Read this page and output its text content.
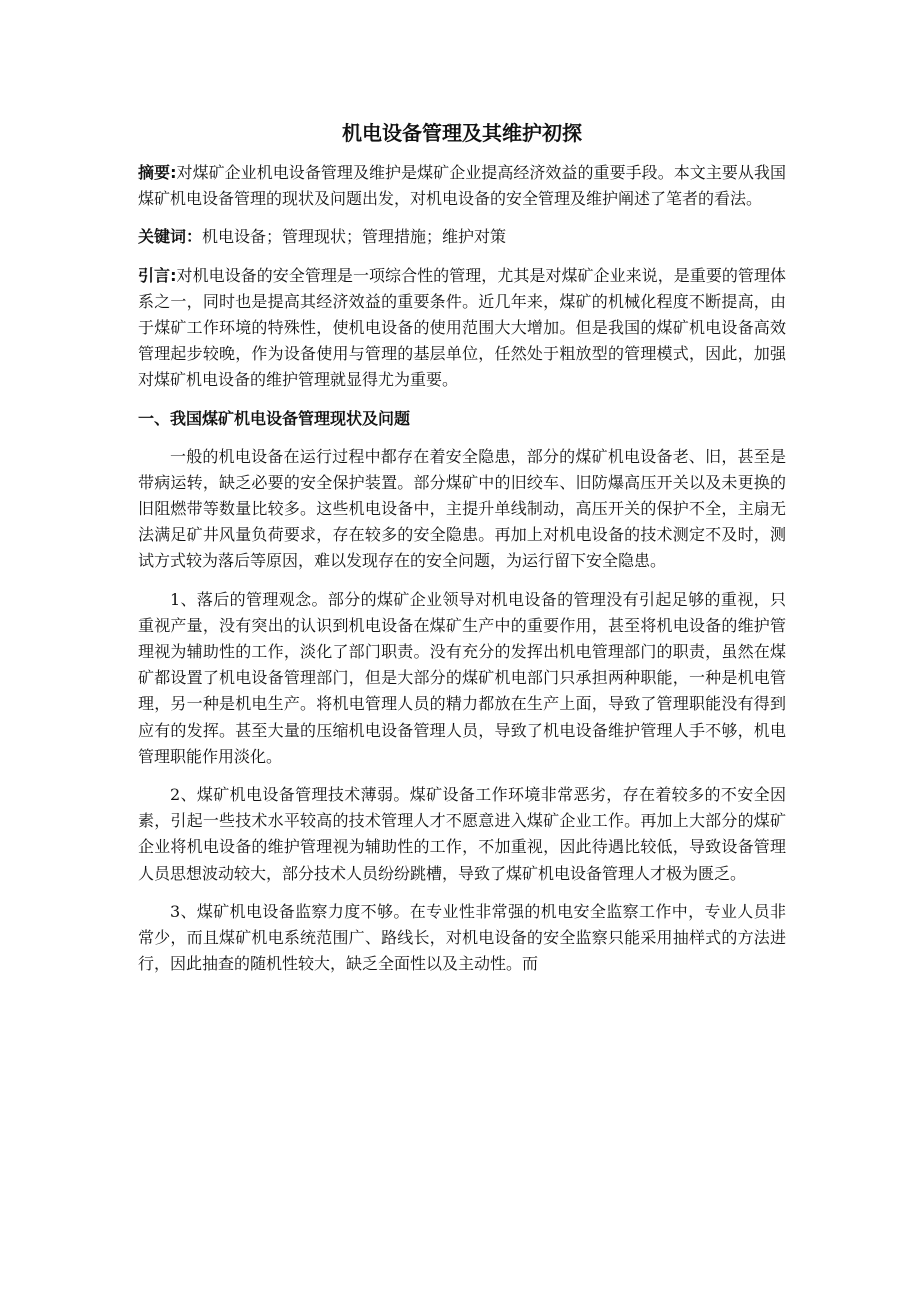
机电设备管理及其维护初探

摘要:对煤矿企业机电设备管理及维护是煤矿企业提高经济效益的重要手段。本文主要从我国煤矿机电设备管理的现状及问题出发，对机电设备的安全管理及维护阐述了笔者的看法。

关键词：机电设备；管理现状；管理措施；维护对策

引言:对机电设备的安全管理是一项综合性的管理，尤其是对煤矿企业来说，是重要的管理体系之一，同时也是提高其经济效益的重要条件。近几年来，煤矿的机械化程度不断提高，由于煤矿工作环境的特殊性，使机电设备的使用范围大大增加。但是我国的煤矿机电设备高效管理起步较晚，作为设备使用与管理的基层单位，任然处于粗放型的管理模式，因此，加强对煤矿机电设备的维护管理就显得尤为重要。

一、我国煤矿机电设备管理现状及问题

一般的机电设备在运行过程中都存在着安全隐患，部分的煤矿机电设备老、旧，甚至是带病运转，缺乏必要的安全保护装置。部分煤矿中的旧绞车、旧防爆高压开关以及未更换的旧阻燃带等数量比较多。这些机电设备中，主提升单线制动，高压开关的保护不全，主扇无法满足矿井风量负荷要求，存在较多的安全隐患。再加上对机电设备的技术测定不及时，测试方式较为落后等原因，难以发现存在的安全问题，为运行留下安全隐患。

1、落后的管理观念。部分的煤矿企业领导对机电设备的管理没有引起足够的重视，只重视产量，没有突出的认识到机电设备在煤矿生产中的重要作用，甚至将机电设备的维护管理视为辅助性的工作，淡化了部门职责。没有充分的发挥出机电管理部门的职责，虽然在煤矿都设置了机电设备管理部门，但是大部分的煤矿机电部门只承担两种职能，一种是机电管理，另一种是机电生产。将机电管理人员的精力都放在生产上面，导致了管理职能没有得到应有的发挥。甚至大量的压缩机电设备管理人员，导致了机电设备维护管理人手不够，机电管理职能作用淡化。

2、煤矿机电设备管理技术薄弱。煤矿设备工作环境非常恶劣，存在着较多的不安全因素，引起一些技术水平较高的技术管理人才不愿意进入煤矿企业工作。再加上大部分的煤矿企业将机电设备的维护管理视为辅助性的工作，不加重视，因此待遇比较低，导致设备管理人员思想波动较大，部分技术人员纷纷跳槽，导致了煤矿机电设备管理人才极为匮乏。

3、煤矿机电设备监察力度不够。在专业性非常强的机电安全监察工作中，专业人员非常少，而且煤矿机电系统范围广、路线长，对机电设备的安全监察只能采用抽样式的方法进行，因此抽查的随机性较大，缺乏全面性以及主动性。而
